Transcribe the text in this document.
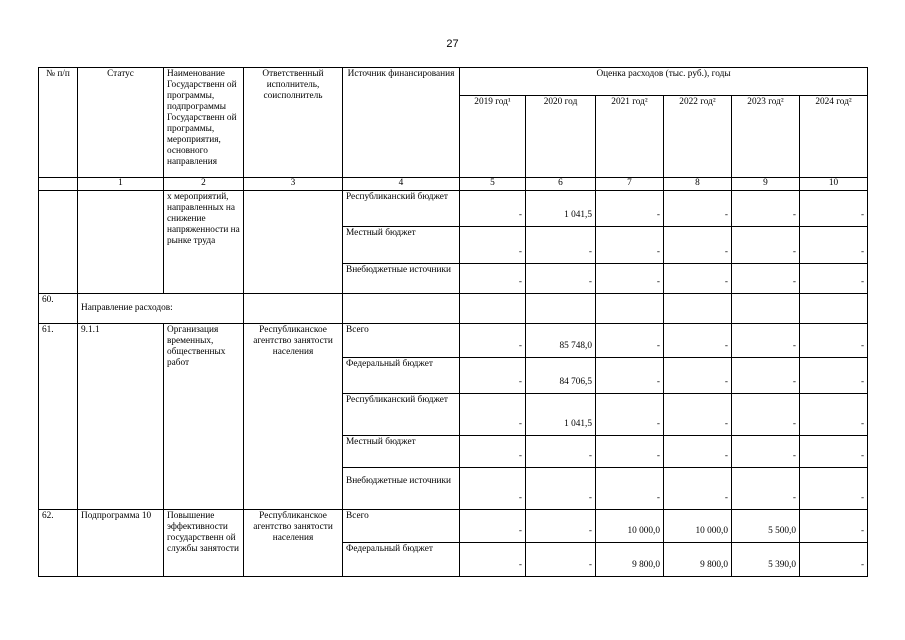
27
№ п/п	Статус	Наименование Государственн ой программы, подпрограммы Государственн ой программы, мероприятия, основного направления	Ответственный исполнитель, соисполнитель	Источник финансирования	Оценка расходов (тыс. руб.), годы					
					2019 год¹	2020 год	2021 год²	2022 год²	2023 год²	2024 год²
	1	2	3	4	5	6	7	8	9	10
		х мероприятий, направленных на снижение напряженности на рынке труда		Республиканский бюджет	-	1 041,5	-	-	-	-
				Местный бюджет	-	-	-	-	-	-
				Внебюджетные источники	-	-	-	-	-	-
60.	Направление расходов:									
61.	9.1.1	Организация временных, общественных работ	Республиканское агентство занятости населения	Всего	-	85 748,0	-	-	-	-
				Федеральный бюджет	-	84 706,5	-	-	-	-
				Республиканский бюджет	-	1 041,5	-	-	-	-
				Местный бюджет	-	-	-	-	-	-
				Внебюджетные источники	-	-	-	-	-	-
62.	Подпрограмма 10	Повышение эффективности государственн ой службы занятости	Республиканское агентство занятости населения	Всего	-	-	10 000,0	10 000,0	5 500,0	-
				Федеральный бюджет	-	-	9 800,0	9 800,0	5 390,0	-
